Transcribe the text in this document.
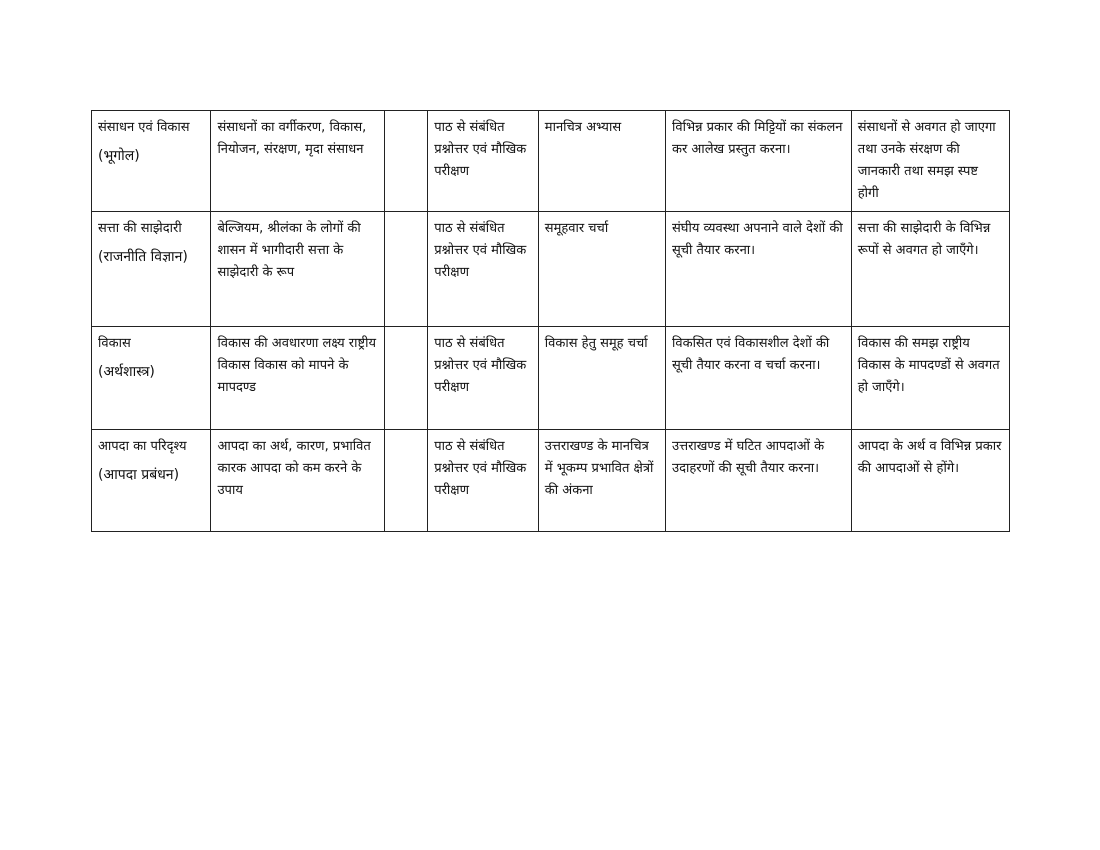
संसाधन एवं विकास
(भूगोल)	संसाधनों का वर्गीकरण, विकास, नियोजन, संरक्षण, मृदा संसाधन		पाठ से संबंधित प्रश्नोत्तर एवं मौखिक परीक्षण	मानचित्र अभ्यास	विभिन्न प्रकार की मिट्टियों का संकलन कर आलेख प्रस्तुत करना।	संसाधनों से अवगत हो जाएगा तथा उनके संरक्षण की जानकारी तथा समझ स्पष्ट होगी

सत्ता की साझेदारी
(राजनीति विज्ञान)	बेल्जियम, श्रीलंका के लोगों की शासन में भागीदारी सत्ता के साझेदारी के रूप		पाठ से संबंधित प्रश्नोत्तर एवं मौखिक परीक्षण	समूहवार चर्चा	संघीय व्यवस्था अपनाने वाले देशों की सूची तैयार करना।	सत्ता की साझेदारी के विभिन्न रूपों से अवगत हो जाएँगे।

विकास
(अर्थशास्त्र)	विकास की अवधारणा लक्ष्य राष्ट्रीय विकास विकास को मापने के मापदण्ड		पाठ से संबंधित प्रश्नोत्तर एवं मौखिक परीक्षण	विकास हेतु समूह चर्चा	विकसित एवं विकासशील देशों की सूची तैयार करना व चर्चा करना।	विकास की समझ राष्ट्रीय विकास के मापदण्डों से अवगत हो जाएँगे।

आपदा का परिदृश्य
(आपदा प्रबंधन)	आपदा का अर्थ, कारण, प्रभावित कारक आपदा को कम करने के उपाय		पाठ से संबंधित प्रश्नोत्तर एवं मौखिक परीक्षण	उत्तराखण्ड के मानचित्र में भूकम्प प्रभावित क्षेत्रों की अंकना	उत्तराखण्ड में घटित आपदाओं के उदाहरणों की सूची तैयार करना।	आपदा के अर्थ व विभिन्न प्रकार की आपदाओं से होंगे।
